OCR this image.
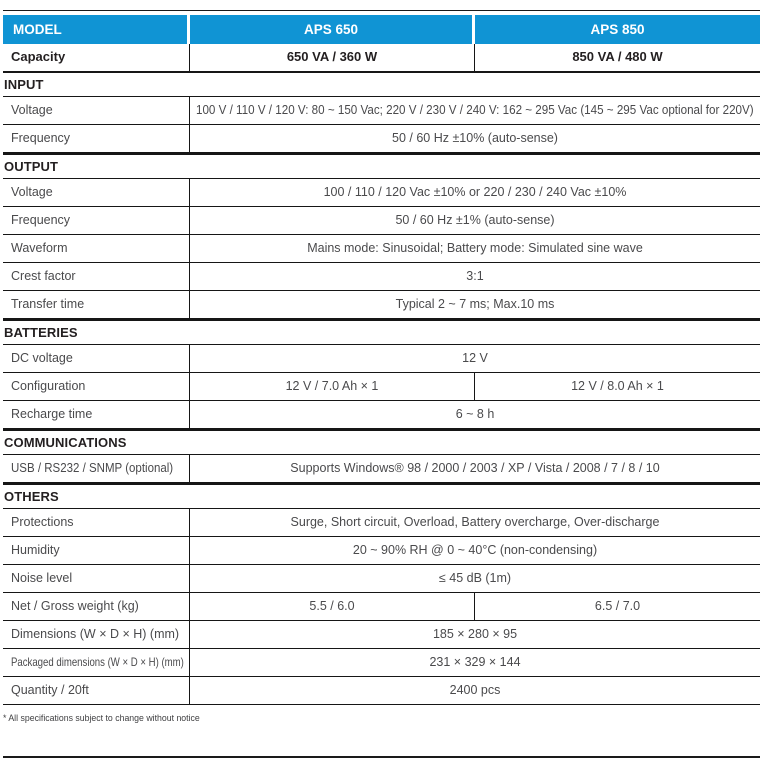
MODEL	APS 650	APS 850
Capacity	650 VA / 360 W	850 VA / 480 W
INPUT
Voltage	100 V / 110 V / 120 V: 80 ~ 150 Vac; 220 V / 230 V / 240 V: 162 ~ 295 Vac (145 ~ 295 Vac optional for 220V)
Frequency	50 / 60 Hz ±10% (auto-sense)
OUTPUT
Voltage	100 / 110 / 120 Vac ±10% or 220 / 230 / 240 Vac ±10%
Frequency	50 / 60 Hz ±1% (auto-sense)
Waveform	Mains mode: Sinusoidal; Battery mode: Simulated sine wave
Crest factor	3:1
Transfer time	Typical 2 ~ 7 ms; Max.10 ms
BATTERIES
DC voltage	12 V
Configuration	12 V / 7.0 Ah × 1	12 V / 8.0 Ah × 1
Recharge time	6 ~ 8 h
COMMUNICATIONS
USB / RS232 / SNMP (optional)	Supports Windows® 98 / 2000 / 2003 / XP / Vista / 2008 / 7 / 8 / 10
OTHERS
Protections	Surge, Short circuit, Overload, Battery overcharge, Over-discharge
Humidity	20 ~ 90% RH @ 0 ~ 40°C (non-condensing)
Noise level	≤ 45 dB (1m)
Net / Gross weight (kg)	5.5 / 6.0	6.5 / 7.0
Dimensions (W × D × H) (mm)	185 × 280 × 95
Packaged dimensions (W × D × H) (mm)	231 × 329 × 144
Quantity / 20ft	2400 pcs
* All specifications subject to change without notice
